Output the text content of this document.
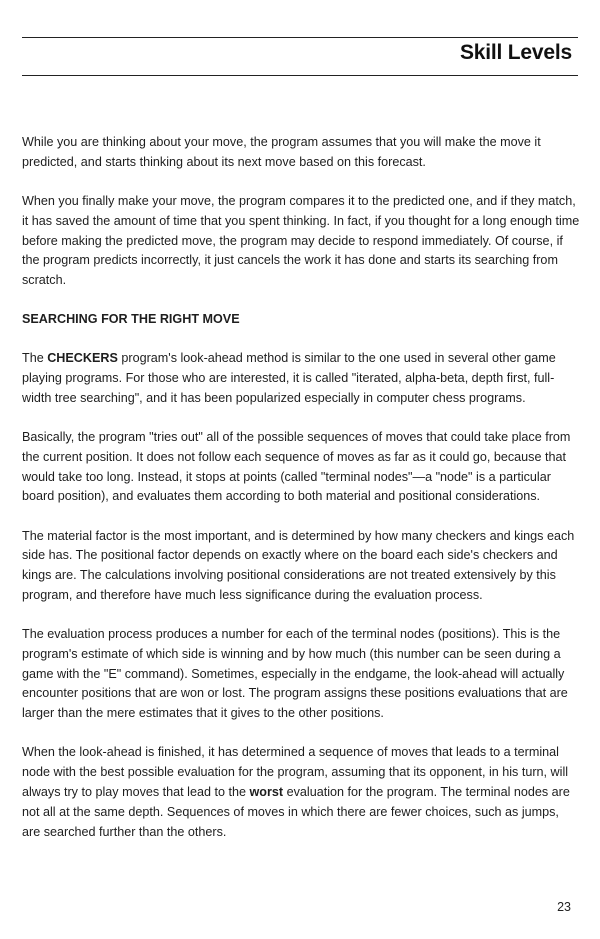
Skill Levels

While you are thinking about your move, the program assumes that you will make the move it predicted, and starts thinking about its next move based on this forecast.

When you finally make your move, the program compares it to the predicted one, and if they match, it has saved the amount of time that you spent thinking. In fact, if you thought for a long enough time before making the predicted move, the program may decide to respond immediately. Of course, if the program predicts incorrectly, it just cancels the work it has done and starts its searching from scratch.

SEARCHING FOR THE RIGHT MOVE

The CHECKERS program's look-ahead method is similar to the one used in several other game playing programs. For those who are interested, it is called "iterated, alpha-beta, depth first, full-width tree searching", and it has been popularized especially in computer chess programs.

Basically, the program "tries out" all of the possible sequences of moves that could take place from the current position. It does not follow each sequence of moves as far as it could go, because that would take too long. Instead, it stops at points (called "terminal nodes"—a "node" is a particular board position), and evaluates them according to both material and positional considerations.

The material factor is the most important, and is determined by how many checkers and kings each side has. The positional factor depends on exactly where on the board each side's checkers and kings are. The calculations involving positional considerations are not treated extensively by this program, and therefore have much less significance during the evaluation process.

The evaluation process produces a number for each of the terminal nodes (positions). This is the program's estimate of which side is winning and by how much (this number can be seen during a game with the "E" command). Sometimes, especially in the endgame, the look-ahead will actually encounter positions that are won or lost. The program assigns these positions evaluations that are larger than the mere estimates that it gives to the other positions.

When the look-ahead is finished, it has determined a sequence of moves that leads to a terminal node with the best possible evaluation for the program, assuming that its opponent, in his turn, will always try to play moves that lead to the worst evaluation for the program. The terminal nodes are not all at the same depth. Sequences of moves in which there are fewer choices, such as jumps, are searched further than the others.

23
